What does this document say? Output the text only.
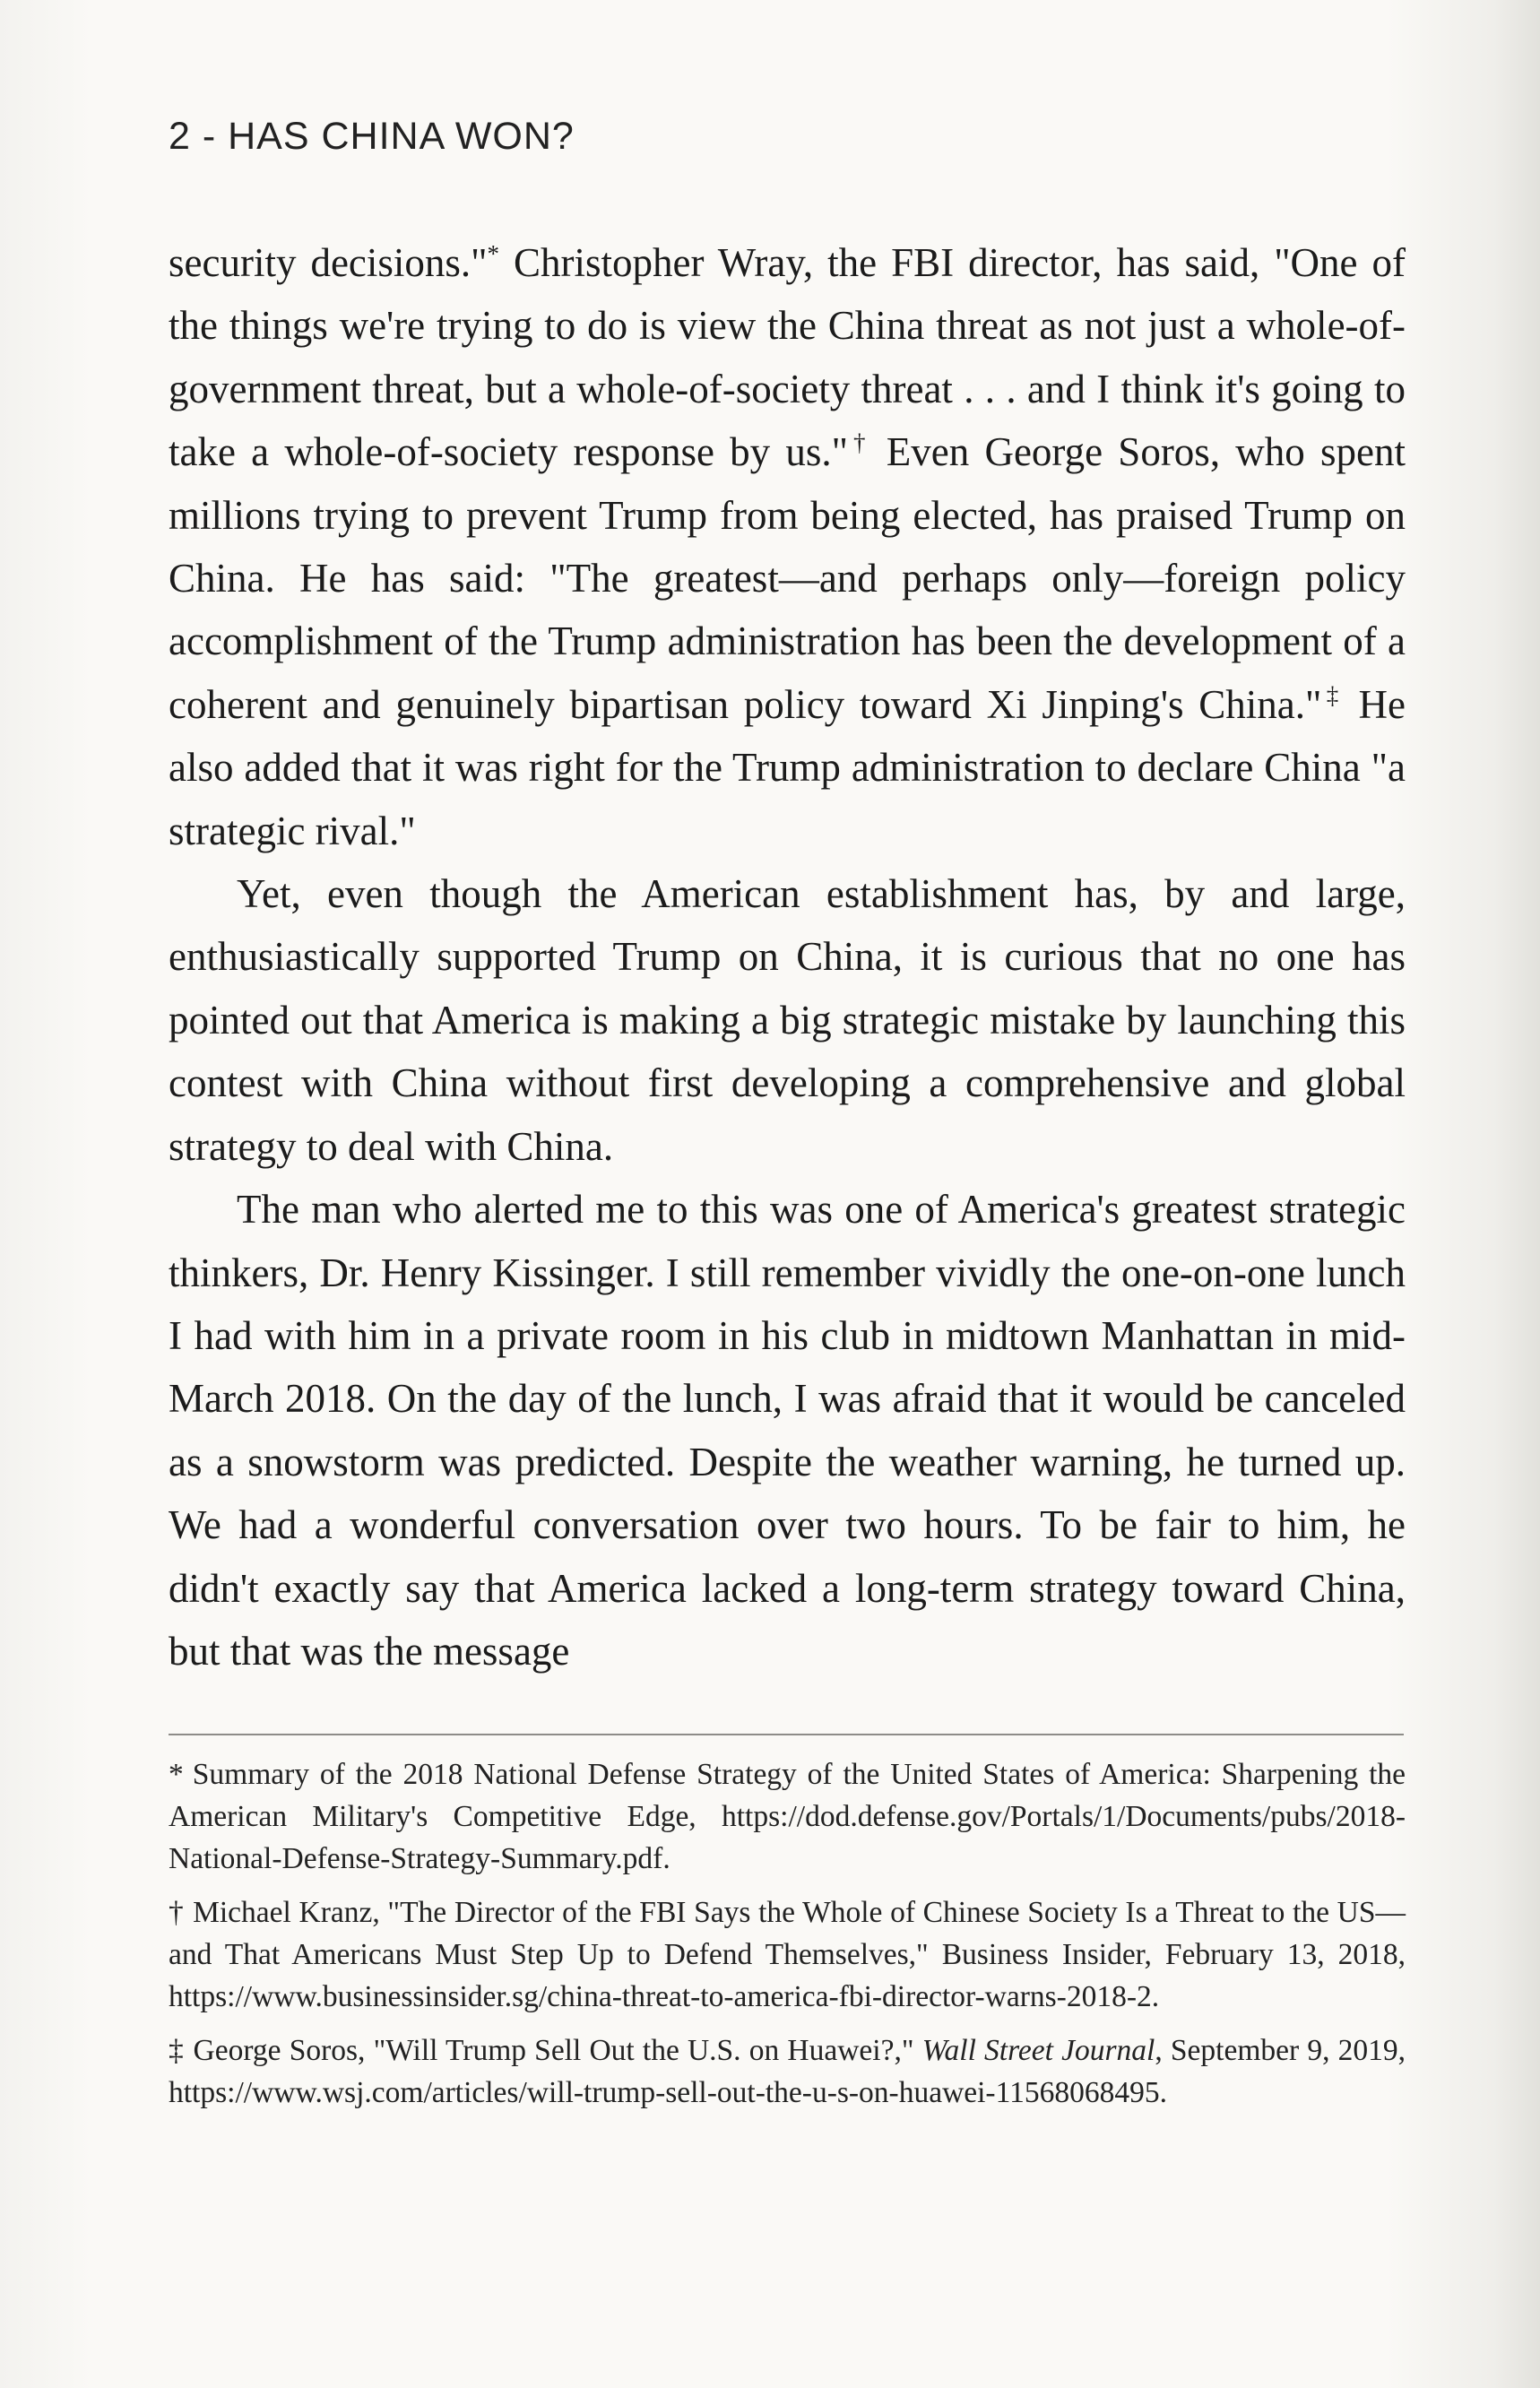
2 - HAS CHINA WON?

security decisions."* Christopher Wray, the FBI director, has said, "One of the things we're trying to do is view the China threat as not just a whole-of-government threat, but a whole-of-society threat . . . and I think it's going to take a whole-of-society response by us."† Even George Soros, who spent millions trying to prevent Trump from being elected, has praised Trump on China. He has said: "The greatest—and perhaps only—foreign policy accomplishment of the Trump administration has been the development of a coherent and genuinely bipartisan policy toward Xi Jinping's China."‡ He also added that it was right for the Trump administration to declare China "a strategic rival."

Yet, even though the American establishment has, by and large, enthusiastically supported Trump on China, it is curious that no one has pointed out that America is making a big strategic mistake by launching this contest with China without first developing a comprehensive and global strategy to deal with China.

The man who alerted me to this was one of America's greatest strategic thinkers, Dr. Henry Kissinger. I still remember vividly the one-on-one lunch I had with him in a private room in his club in midtown Manhattan in mid-March 2018. On the day of the lunch, I was afraid that it would be canceled as a snowstorm was predicted. Despite the weather warning, he turned up. We had a wonderful conversation over two hours. To be fair to him, he didn't exactly say that America lacked a long-term strategy toward China, but that was the message

* Summary of the 2018 National Defense Strategy of the United States of America: Sharpening the American Military's Competitive Edge, https://dod.defense.gov/Portals/1/Documents/pubs/2018-National-Defense-Strategy-Summary.pdf.

† Michael Kranz, "The Director of the FBI Says the Whole of Chinese Society Is a Threat to the US—and That Americans Must Step Up to Defend Themselves," Business Insider, February 13, 2018, https://www.businessinsider.sg/china-threat-to-america-fbi-director-warns-2018-2.

‡ George Soros, "Will Trump Sell Out the U.S. on Huawei?," Wall Street Journal, September 9, 2019, https://www.wsj.com/articles/will-trump-sell-out-the-u-s-on-huawei-11568068495.
